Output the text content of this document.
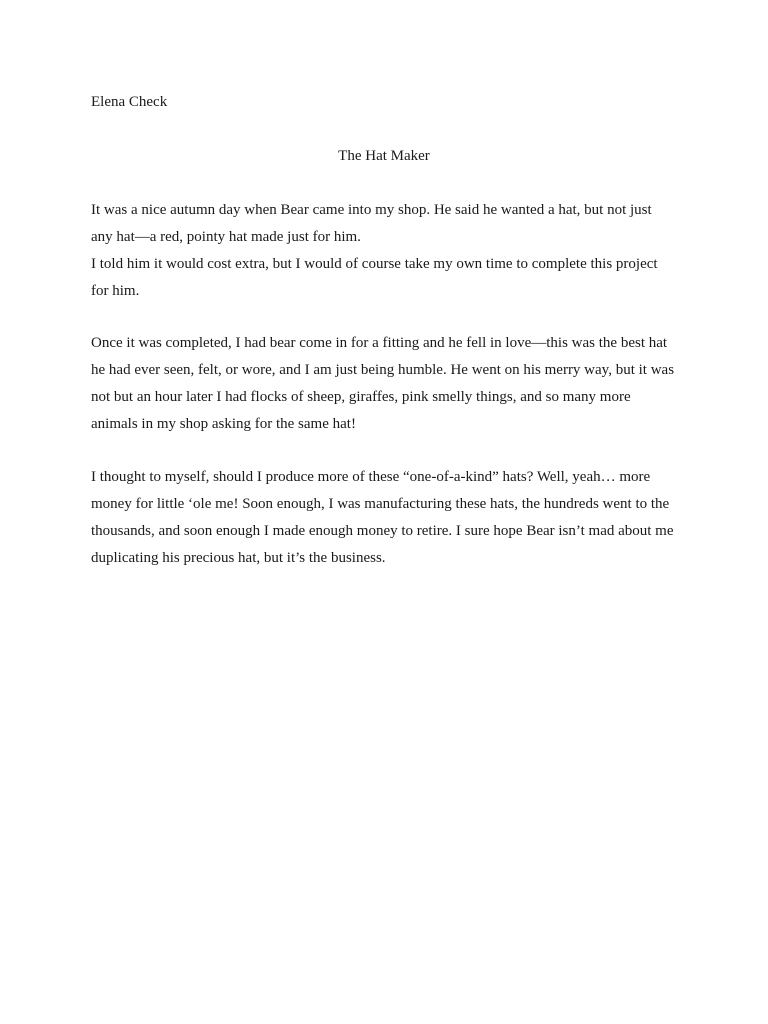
Elena Check

The Hat Maker
It was a nice autumn day when Bear came into my shop. He said he wanted a hat, but not just
any hat—a red, pointy hat made just for him.
I told him it would cost extra, but I would of course take my own time to complete this project
for him.
Once it was completed, I had bear come in for a fitting and he fell in love—this was the best hat
he had ever seen, felt, or wore, and I am just being humble. He went on his merry way, but it was
not but an hour later I had flocks of sheep, giraffes, pink smelly things, and so many more
animals in my shop asking for the same hat!
I thought to myself, should I produce more of these “one-of-a-kind” hats? Well, yeah… more
money for little ‘ole me! Soon enough, I was manufacturing these hats, the hundreds went to the
thousands, and soon enough I made enough money to retire. I sure hope Bear isn’t mad about me
duplicating his precious hat, but it’s the business.
